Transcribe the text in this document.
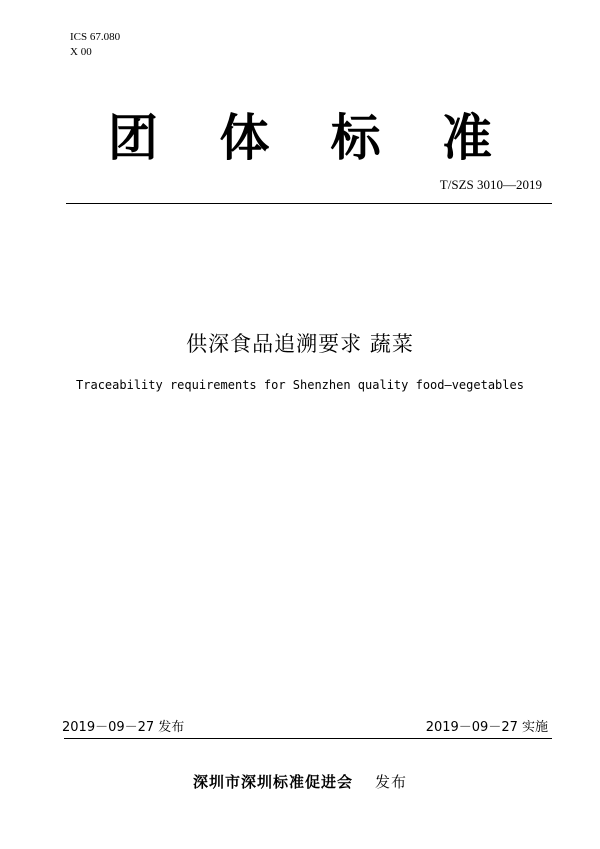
ICS 67.080
X 00
团 体 标 准
T/SZS 3010—2019
供深食品追溯要求 蔬菜
Traceability requirements for Shenzhen quality food—vegetables
2019－09－27 发布	2019－09－27 实施
深圳市深圳标准促进会 发布
